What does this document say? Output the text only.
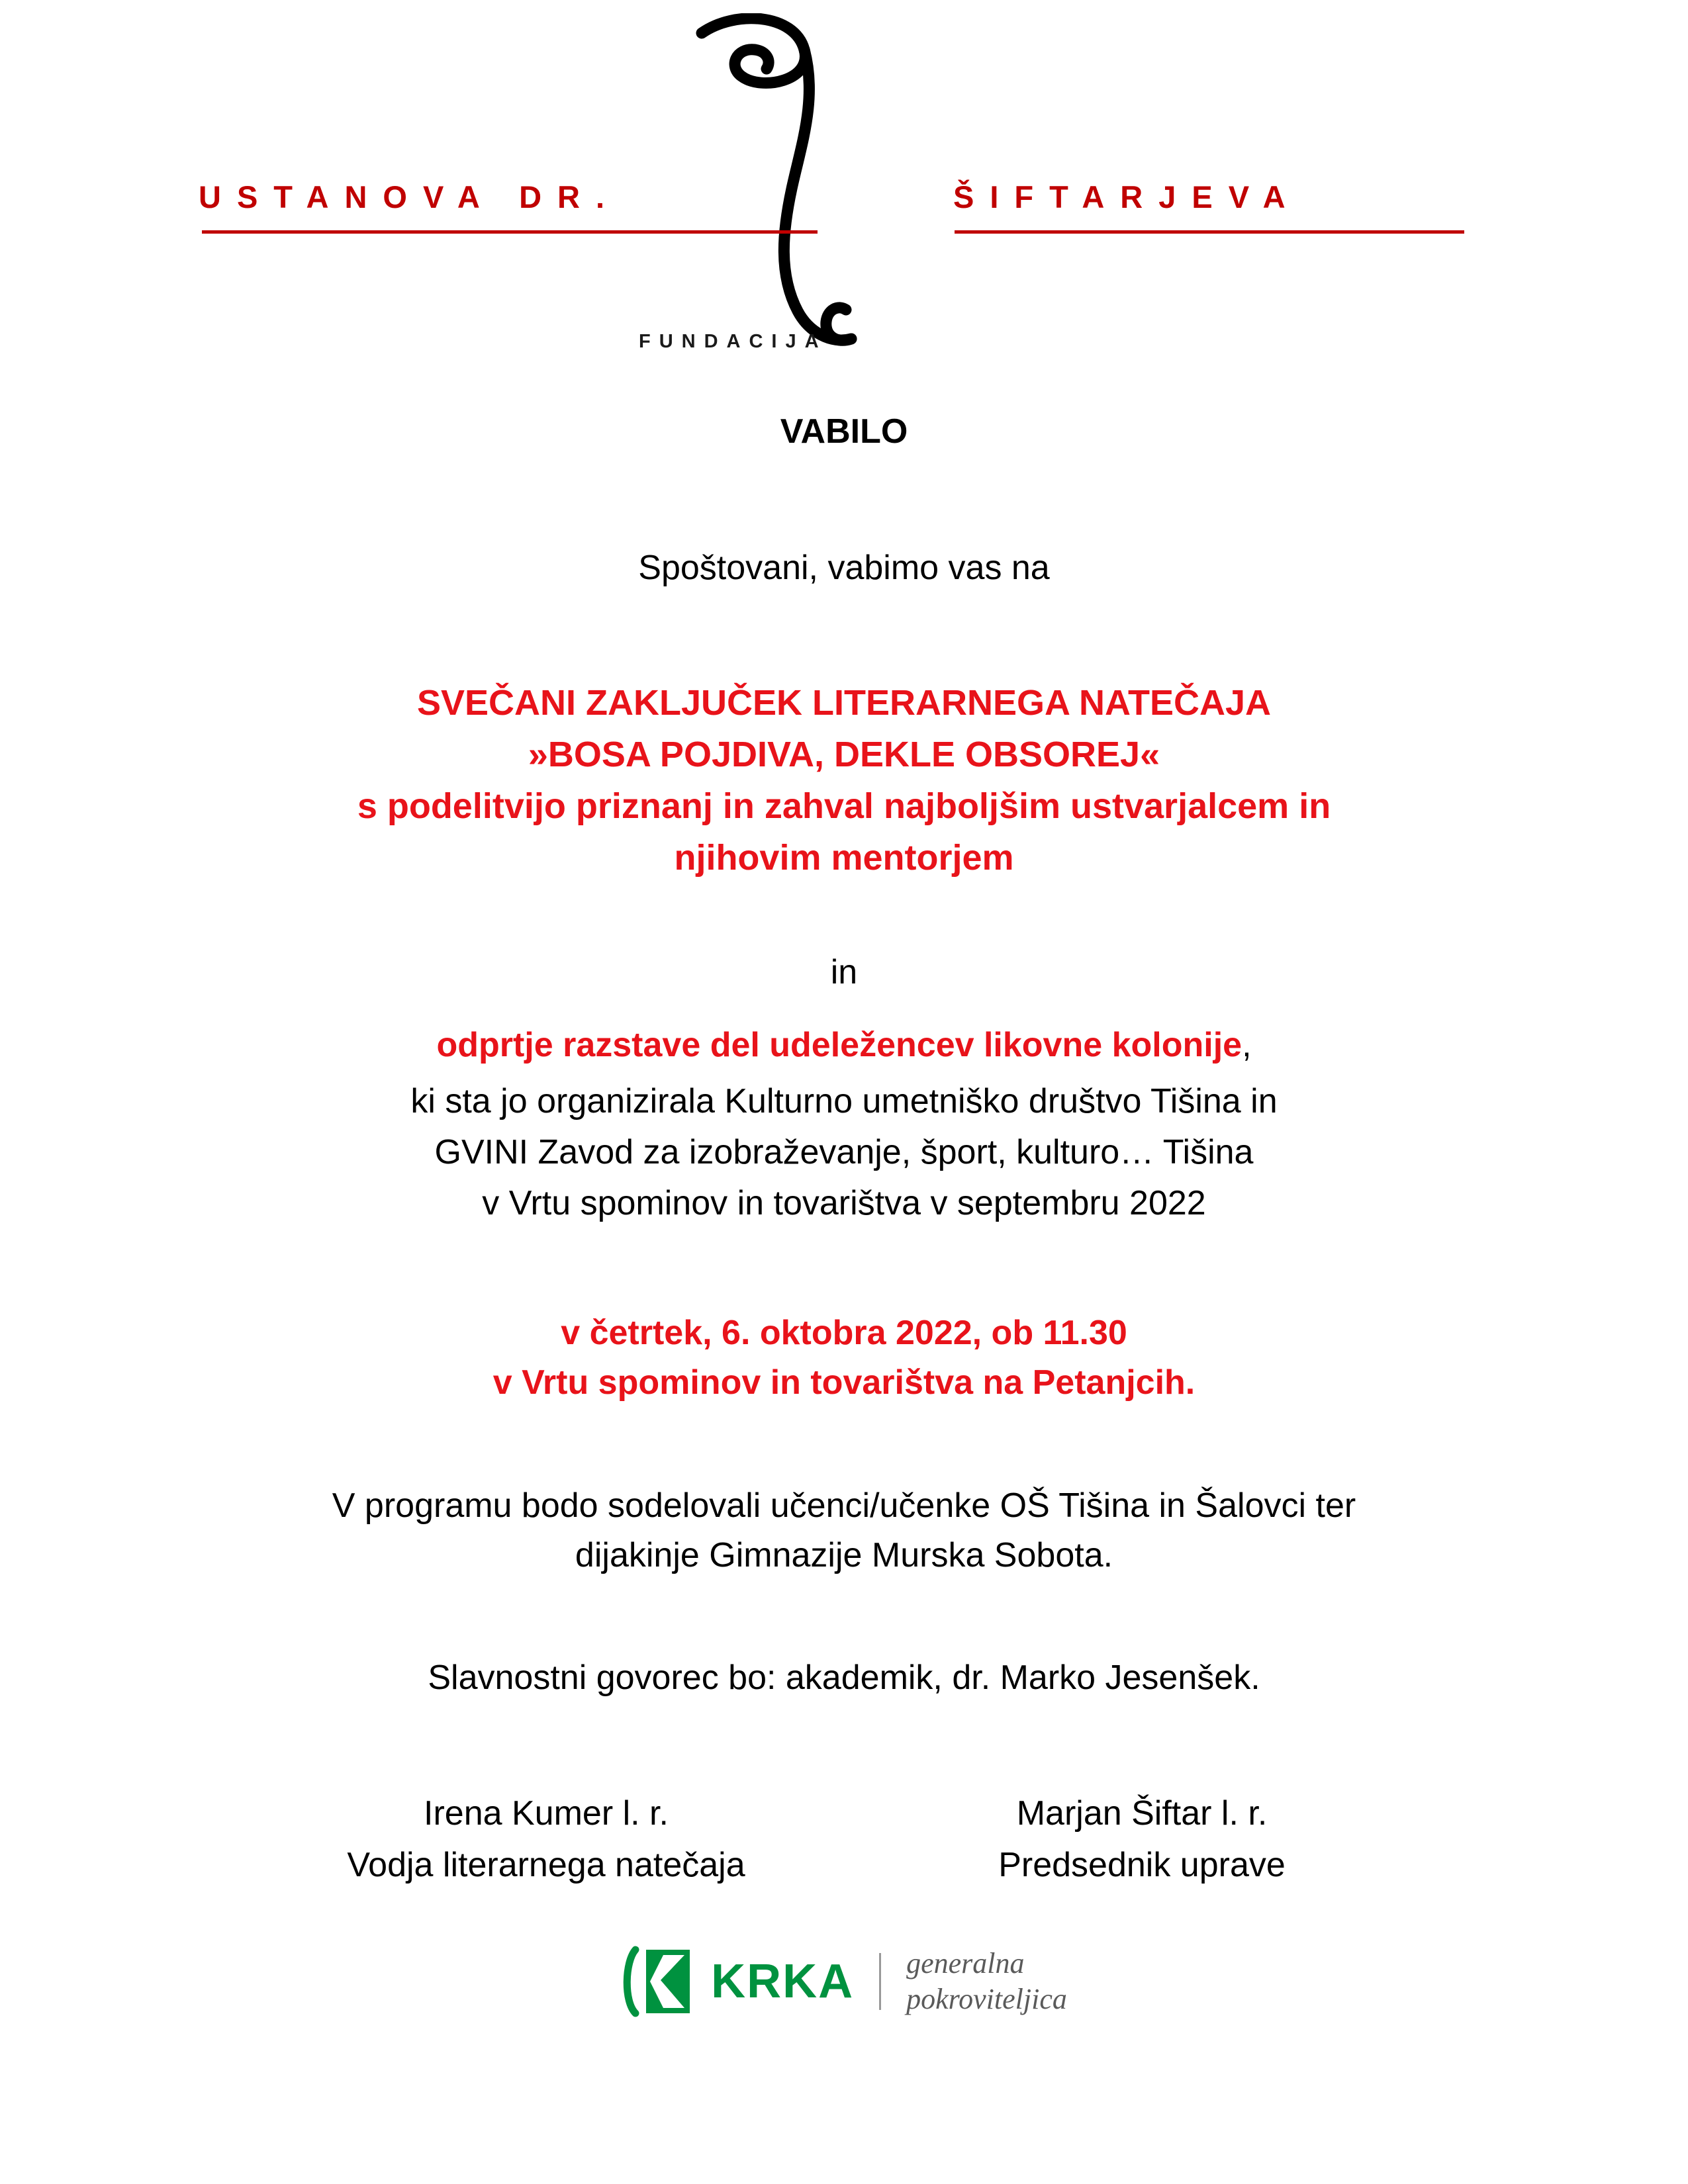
USTANOVA DR.	ŠIFTARJEVA
FUNDACIJA
VABILO
Spoštovani, vabimo vas na
SVEČANI ZAKLJUČEK LITERARNEGA NATEČAJA
»BOSA POJDIVA, DEKLE OBSOREJ«
s podelitvijo priznanj in zahval najboljšim ustvarjalcem in
njihovim mentorjem
in
odprtje razstave del udeležencev likovne kolonije,
ki sta jo organizirala Kulturno umetniško društvo Tišina in
GVINI Zavod za izobraževanje, šport, kulturo… Tišina
v Vrtu spominov in tovarištva v septembru 2022
v četrtek, 6. oktobra 2022, ob 11.30
v Vrtu spominov in tovarištva na Petanjcih.
V programu bodo sodelovali učenci/učenke OŠ Tišina in Šalovci ter
dijakinje Gimnazije Murska Sobota.
Slavnostni govorec bo: akademik, dr. Marko Jesenšek.
Irena Kumer l. r.
Vodja literarnega natečaja
Marjan Šiftar l. r.
Predsednik uprave
KRKA generalna
pokroviteljica
